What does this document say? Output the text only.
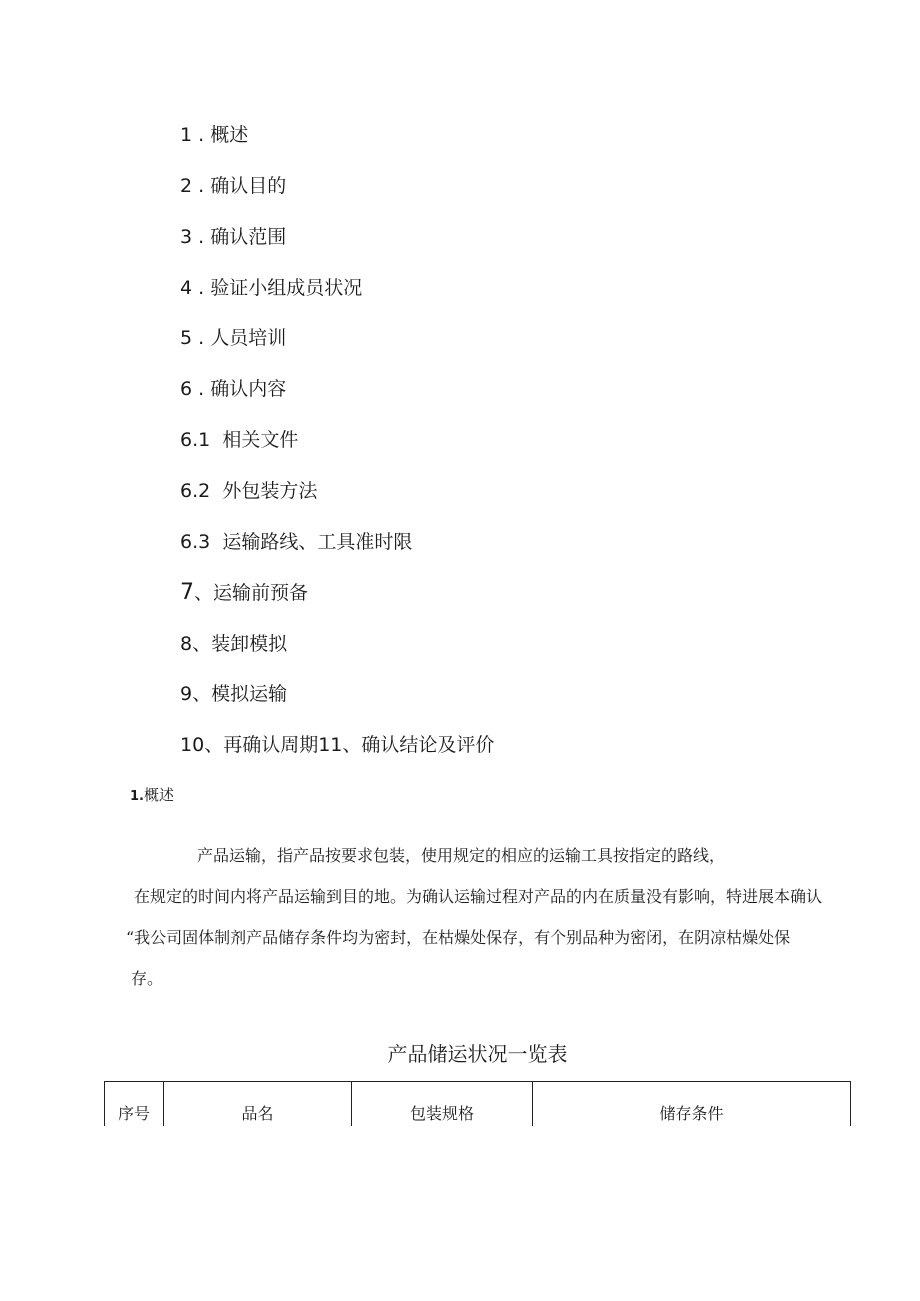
1 . 概述
2 . 确认目的
3 . 确认范围
4 . 验证小组成员状况
5 . 人员培训
6 . 确认内容
6.1 相关文件
6.2 外包装方法
6.3 运输路线、工具准时限
7、运输前预备
8、装卸模拟
9、模拟运输
10、再确认周期11、确认结论及评价
1.概述
产品运输，指产品按要求包装，使用规定的相应的运输工具按指定的路线，
在规定的时间内将产品运输到目的地。为确认运输过程对产品的内在质量没有影响，特进展本确认
“我公司固体制剂产品储存条件均为密封，在枯燥处保存，有个别品种为密闭，在阴凉枯燥处保
存。
产品储运状况一览表
序号	品名	包装规格	储存条件
